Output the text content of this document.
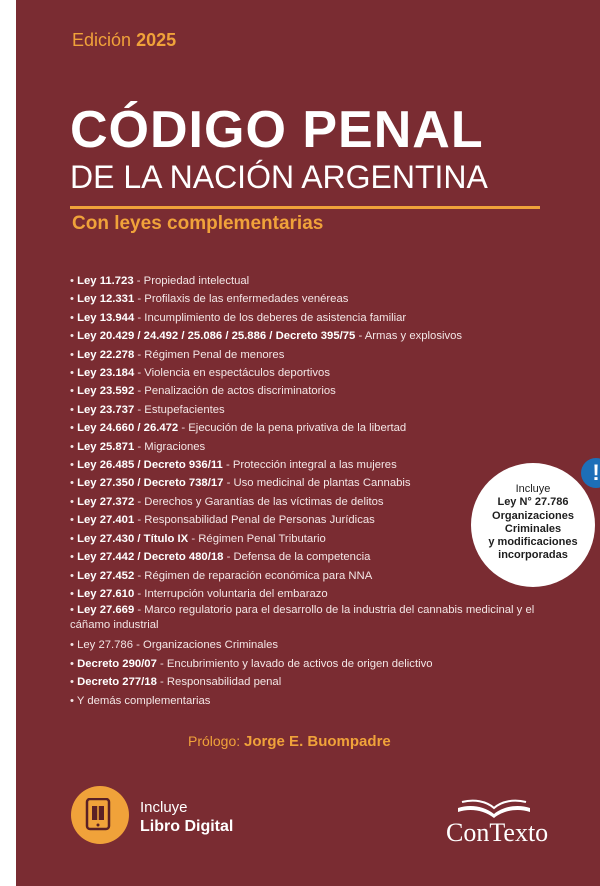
Edición 2025
CÓDIGO PENAL
DE LA NACIÓN ARGENTINA
Con leyes complementarias
• Ley 11.723 - Propiedad intelectual
• Ley 12.331 - Profilaxis de las enfermedades venéreas
• Ley 13.944 - Incumplimiento de los deberes de asistencia familiar
• Ley 20.429 / 24.492 / 25.086 / 25.886 / Decreto 395/75 - Armas y explosivos
• Ley 22.278 - Régimen Penal de menores
• Ley 23.184 - Violencia en espectáculos deportivos
• Ley 23.592 - Penalización de actos discriminatorios
• Ley 23.737 - Estupefacientes
• Ley 24.660 / 26.472 - Ejecución de la pena privativa de la libertad
• Ley 25.871 - Migraciones
• Ley 26.485 / Decreto 936/11 - Protección integral a las mujeres
• Ley 27.350 / Decreto 738/17 - Uso medicinal de plantas Cannabis
• Ley 27.372 - Derechos y Garantías de las víctimas de delitos
• Ley 27.401 - Responsabilidad Penal de Personas Jurídicas
• Ley 27.430 / Título IX - Régimen Penal Tributario
• Ley 27.442 / Decreto 480/18 - Defensa de la competencia
• Ley 27.452 - Régimen de reparación económica para NNA
• Ley 27.610 - Interrupción voluntaria del embarazo
• Ley 27.669 - Marco regulatorio para el desarrollo de la industria del cannabis medicinal y el cáñamo industrial
• Ley 27.786 - Organizaciones Criminales
• Decreto 290/07 - Encubrimiento y lavado de activos de origen delictivo
• Decreto 277/18 - Responsabilidad penal
• Y demás complementarias
Incluye
Ley N° 27.786
Organizaciones
Criminales
y modificaciones
incorporadas
!
Prólogo: Jorge E. Buompadre
Incluye
Libro Digital	ConTexto
